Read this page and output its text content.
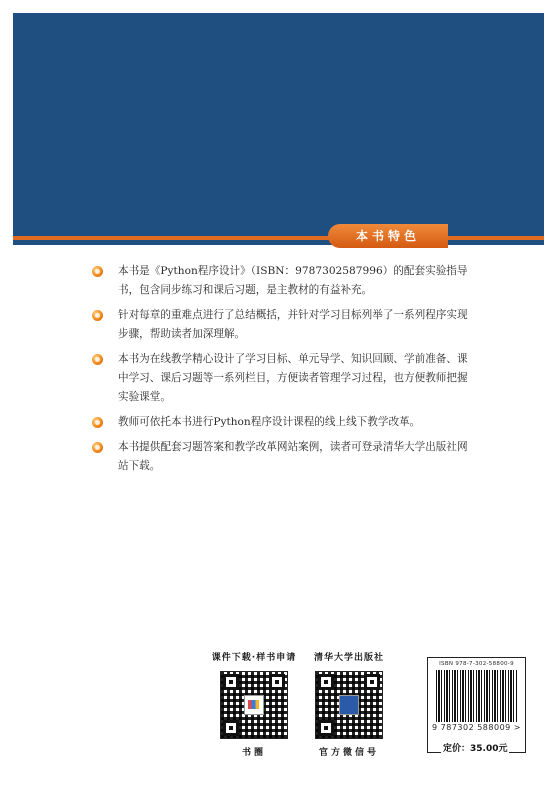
本书特色
本书是《Python程序设计》（ISBN：9787302587996）的配套实验指导书，包含同步练习和课后习题，是主教材的有益补充。
针对每章的重难点进行了总结概括，并针对学习目标列举了一系列程序实现步骤，帮助读者加深理解。
本书为在线教学精心设计了学习目标、单元导学、知识回顾、学前准备、课中学习、课后习题等一系列栏目，方便读者管理学习过程，也方便教师把握实验课堂。
教师可依托本书进行Python程序设计课程的线上线下教学改革。
本书提供配套习题答案和教学改革网站案例，读者可登录清华大学出版社网站下载。
课件下载·样书申请
书圈
清华大学出版社
官方微信号
ISBN 978-7-302-58800-9
9 787302 588009 >
定价：35.00元
